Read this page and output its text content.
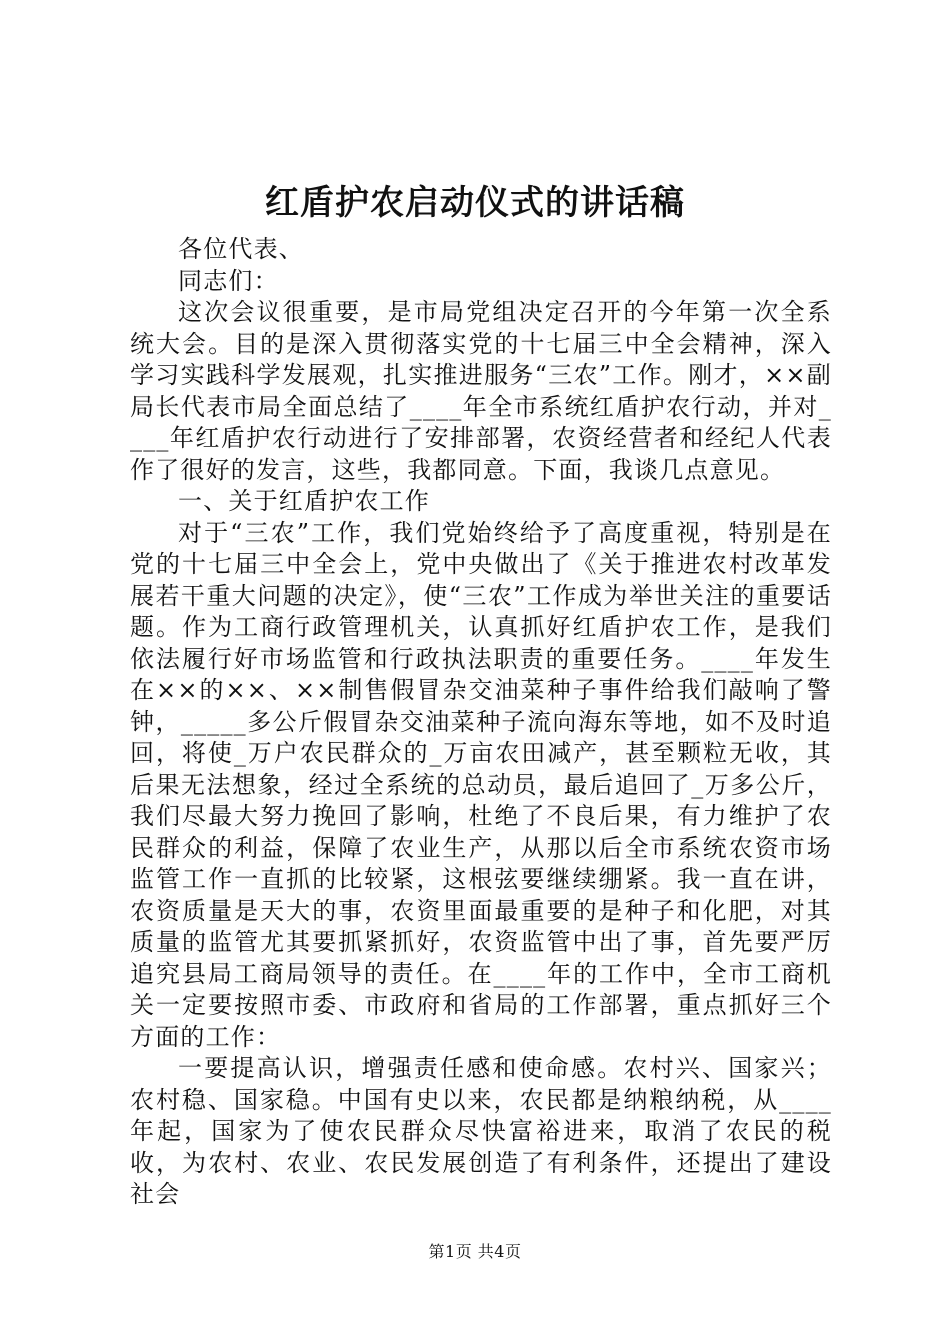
红盾护农启动仪式的讲话稿

各位代表、

同志们：

这次会议很重要，是市局党组决定召开的今年第一次全系统大会。目的是深入贯彻落实党的十七届三中全会精神，深入学习实践科学发展观，扎实推进服务“三农”工作。刚才，××副局长代表市局全面总结了____年全市系统红盾护农行动，并对____年红盾护农行动进行了安排部署，农资经营者和经纪人代表作了很好的发言，这些，我都同意。下面，我谈几点意见。

一、关于红盾护农工作

对于“三农”工作，我们党始终给予了高度重视，特别是在党的十七届三中全会上，党中央做出了《关于推进农村改革发展若干重大问题的决定》，使“三农”工作成为举世关注的重要话题。作为工商行政管理机关，认真抓好红盾护农工作，是我们依法履行好市场监管和行政执法职责的重要任务。____年发生在××的××、××制售假冒杂交油菜种子事件给我们敲响了警钟，_____多公斤假冒杂交油菜种子流向海东等地，如不及时追回，将使_万户农民群众的_万亩农田减产，甚至颗粒无收，其后果无法想象，经过全系统的总动员，最后追回了_万多公斤，我们尽最大努力挽回了影响，杜绝了不良后果，有力维护了农民群众的利益，保障了农业生产，从那以后全市系统农资市场监管工作一直抓的比较紧，这根弦要继续绷紧。我一直在讲，农资质量是天大的事，农资里面最重要的是种子和化肥，对其质量的监管尤其要抓紧抓好，农资监管中出了事，首先要严厉追究县局工商局领导的责任。在____年的工作中，全市工商机关一定要按照市委、市政府和省局的工作部署，重点抓好三个方面的工作：

一要提高认识，增强责任感和使命感。农村兴、国家兴；农村稳、国家稳。中国有史以来，农民都是纳粮纳税，从____年起，国家为了使农民群众尽快富裕进来，取消了农民的税收，为农村、农业、农民发展创造了有利条件，还提出了建设社会

第1页 共4页
